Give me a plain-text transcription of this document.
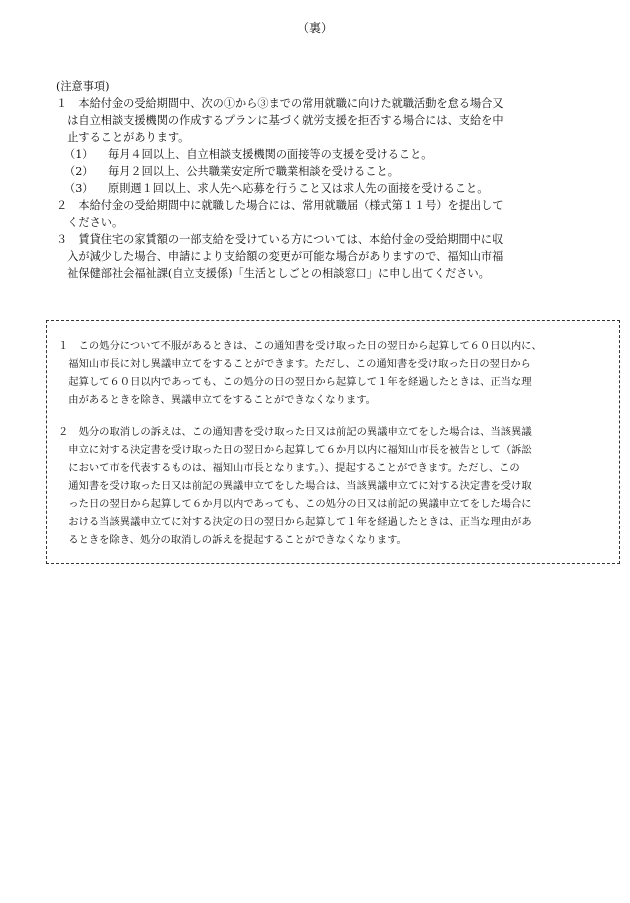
（裏）
(注意事項)
１　本給付金の受給期間中、次の①から③までの常用就職に向けた就職活動を怠る場合又
　は自立相談支援機関の作成するプランに基づく就労支援を拒否する場合には、支給を中
　止することがあります。
（1） 毎月４回以上、自立相談支援機関の面接等の支援を受けること。
（2） 毎月２回以上、公共職業安定所で職業相談を受けること。
（3） 原則週１回以上、求人先へ応募を行うこと又は求人先の面接を受けること。
２　本給付金の受給期間中に就職した場合には、常用就職届（様式第１１号）を提出して
　ください。
３　賃貸住宅の家賃額の一部支給を受けている方については、本給付金の受給期間中に収
　入が減少した場合、申請により支給額の変更が可能な場合がありますので、福知山市福
　祉保健部社会福祉課(自立支援係)「生活としごとの相談窓口」に申し出てください。
１　この処分について不服があるときは、この通知書を受け取った日の翌日から起算して６０日以内に、
　福知山市長に対し異議申立てをすることができます。ただし、この通知書を受け取った日の翌日から
　起算して６０日以内であっても、この処分の日の翌日から起算して１年を経過したときは、正当な理
　由があるときを除き、異議申立てをすることができなくなります。
２　処分の取消しの訴えは、この通知書を受け取った日又は前記の異議申立てをした場合は、当該異議
　申立に対する決定書を受け取った日の翌日から起算して６か月以内に福知山市長を被告として（訴訟
　において市を代表するものは、福知山市長となります。）、提起することができます。ただし、この
　通知書を受け取った日又は前記の異議申立てをした場合は、当該異議申立てに対する決定書を受け取
　った日の翌日から起算して６か月以内であっても、この処分の日又は前記の異議申立てをした場合に
　おける当該異議申立てに対する決定の日の翌日から起算して１年を経過したときは、正当な理由があ
　るときを除き、処分の取消しの訴えを提起することができなくなります。
